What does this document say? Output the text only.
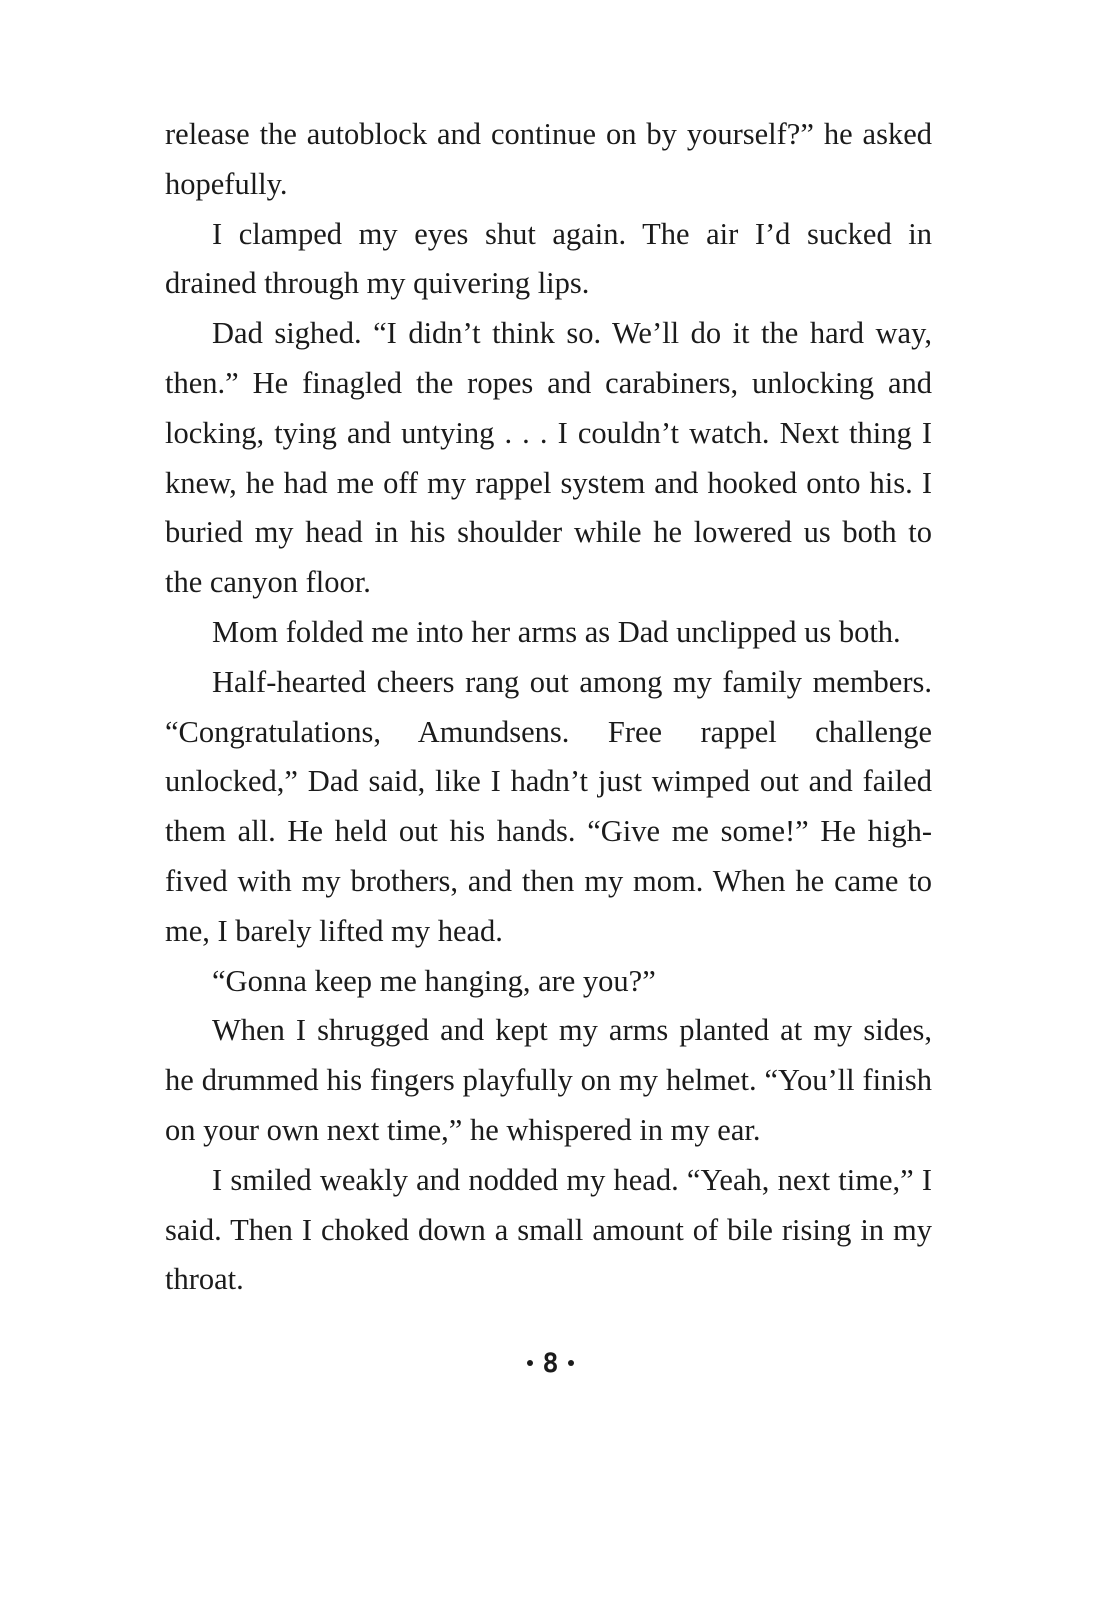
release the autoblock and continue on by yourself?” he asked hopefully.

I clamped my eyes shut again. The air I’d sucked in drained through my quivering lips.

Dad sighed. “I didn’t think so. We’ll do it the hard way, then.” He finagled the ropes and carabiners, unlocking and locking, tying and untying . . . I couldn’t watch. Next thing I knew, he had me off my rappel system and hooked onto his. I buried my head in his shoulder while he lowered us both to the canyon floor.

Mom folded me into her arms as Dad unclipped us both.

Half-hearted cheers rang out among my family members. “Congratulations, Amundsens. Free rappel challenge unlocked,” Dad said, like I hadn’t just wimped out and failed them all. He held out his hands. “Give me some!” He high-fived with my brothers, and then my mom. When he came to me, I barely lifted my head.

“Gonna keep me hanging, are you?”

When I shrugged and kept my arms planted at my sides, he drummed his fingers playfully on my helmet. “You’ll finish on your own next time,” he whispered in my ear.

I smiled weakly and nodded my head. “Yeah, next time,” I said. Then I choked down a small amount of bile rising in my throat.

8
